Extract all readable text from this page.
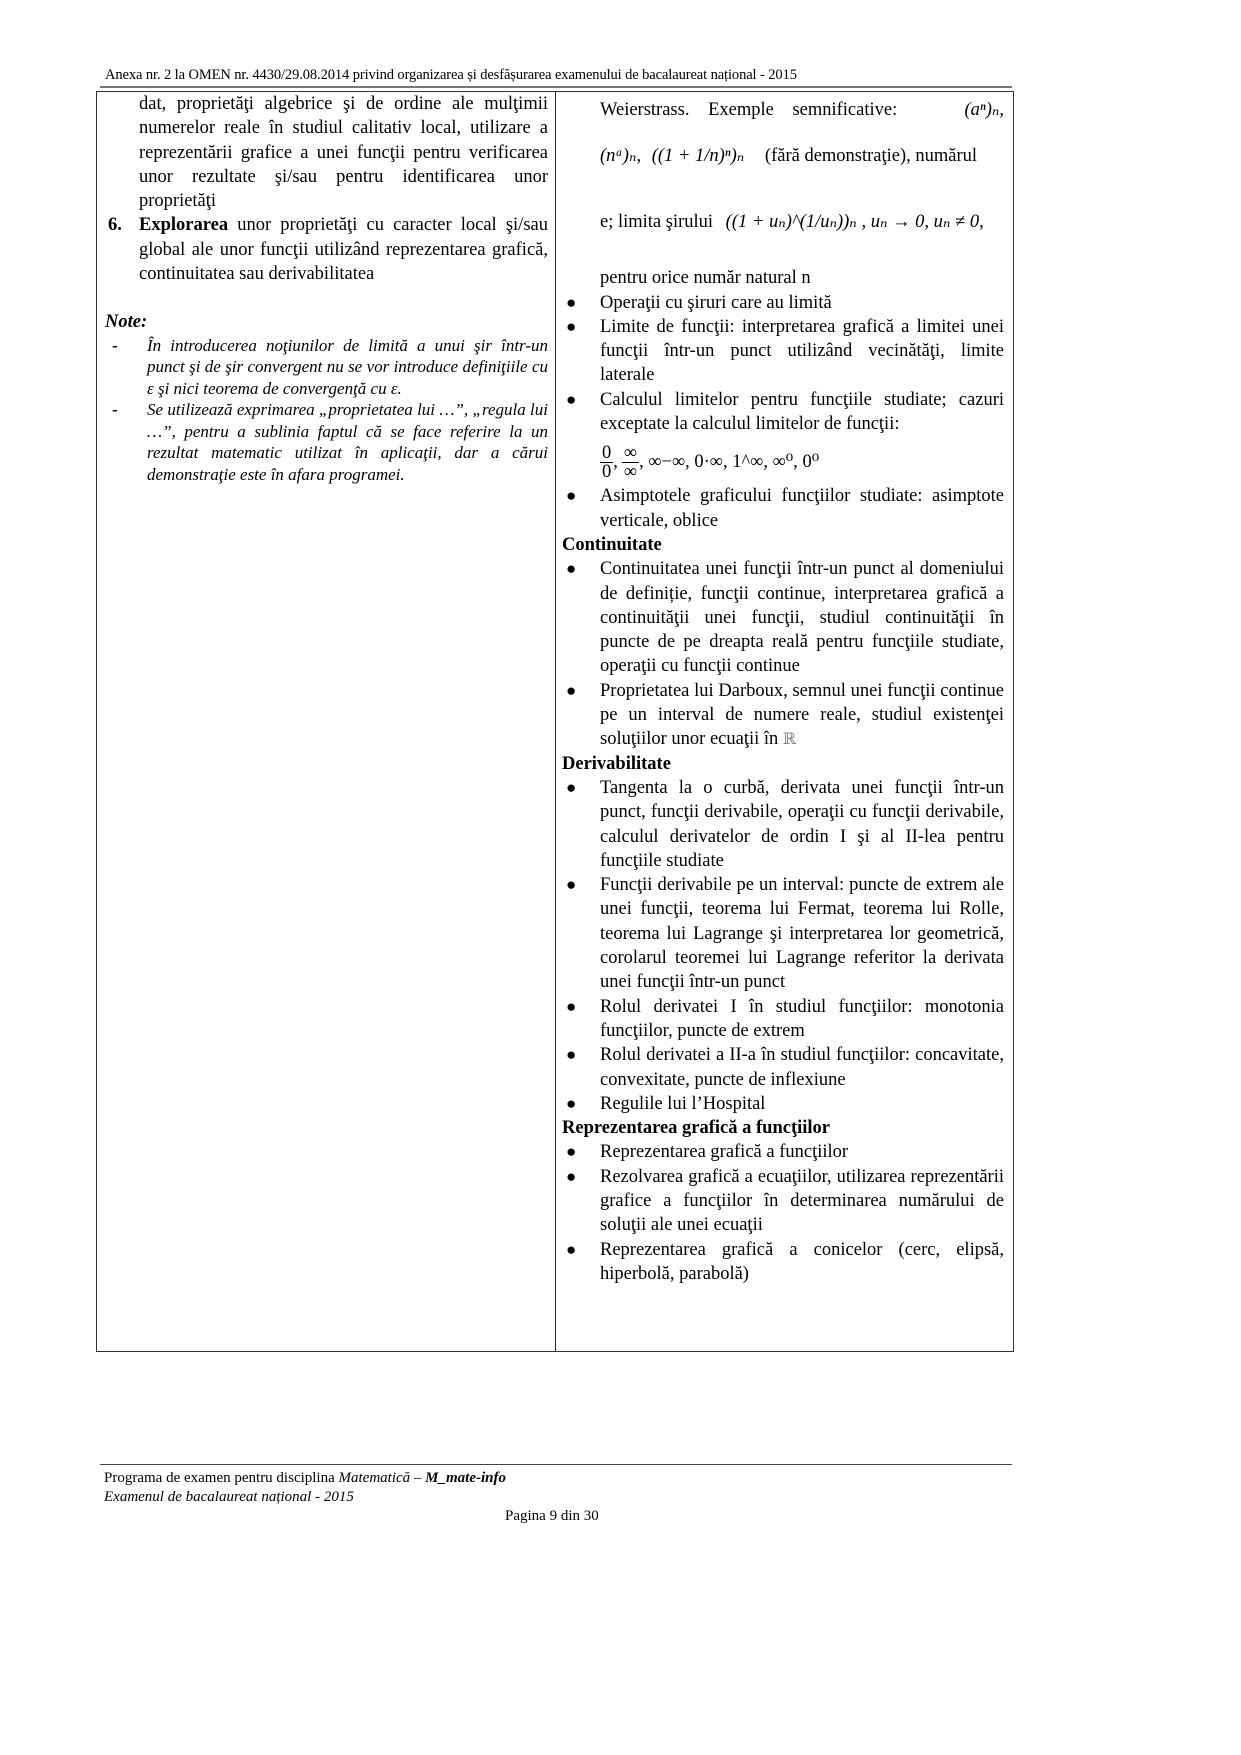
Anexa nr. 2 la OMEN nr. 4430/29.08.2014 privind organizarea și desfășurarea examenului de bacalaureat național - 2015
dat, proprietăţi algebrice şi de ordine ale mulţimii numerelor reale în studiul calitativ local, utilizare a reprezentării grafice a unei funcţii pentru verificarea unor rezultate şi/sau pentru identificarea unor proprietăţi
6. Explorarea unor proprietăţi cu caracter local şi/sau global ale unor funcţii utilizând reprezentarea grafică, continuitatea sau derivabilitatea
Note:
- În introducerea noţiunilor de limită a unui şir într-un punct şi de şir convergent nu se vor introduce definiţiile cu ε şi nici teorema de convergenţă cu ε.
- Se utilizează exprimarea „proprietatea lui …”, „regula lui …”, pentru a sublinia faptul că se face referire la un rezultat matematic utilizat în aplicaţii, dar a cărui demonstraţie este în afara programei.
Weierstrass. Exemple semnificative:	(aⁿ)ₙ,
(nᵃ)ₙ, ((1 + 1/n)ⁿ)ₙ (fără demonstraţie), numărul
e; limita şirului ((1 + uₙ)^(1/uₙ))ₙ , uₙ → 0, uₙ ≠ 0,
pentru orice număr natural n
● Operaţii cu şiruri care au limită
● Limite de funcţii: interpretarea grafică a limitei unei funcţii într-un punct utilizând vecinătăţi, limite laterale
● Calculul limitelor pentru funcţiile studiate; cazuri exceptate la calculul limitelor de funcţii:
$\frac{0}{0}$ , $\frac{\infty}{\infty}$ , ∞−∞, 0·∞, 1^∞, ∞⁰, 0⁰
● Asimptotele graficului funcţiilor studiate: asimptote verticale, oblice
Continuitate
● Continuitatea unei funcţii într-un punct al domeniului de definiție, funcţii continue, interpretarea grafică a continuităţii unei funcţii, studiul continuităţii în puncte de pe dreapta reală pentru funcţiile studiate, operaţii cu funcţii continue
● Proprietatea lui Darboux, semnul unei funcţii continue pe un interval de numere reale, studiul existenţei soluţiilor unor ecuaţii în ℝ
Derivabilitate
● Tangenta la o curbă, derivata unei funcţii într-un punct, funcţii derivabile, operaţii cu funcţii derivabile, calculul derivatelor de ordin I şi al II-lea pentru funcţiile studiate
● Funcţii derivabile pe un interval: puncte de extrem ale unei funcţii, teorema lui Fermat, teorema lui Rolle, teorema lui Lagrange şi interpretarea lor geometrică, corolarul teoremei lui Lagrange referitor la derivata unei funcţii într-un punct
● Rolul derivatei I în studiul funcţiilor: monotonia funcţiilor, puncte de extrem
● Rolul derivatei a II-a în studiul funcţiilor: concavitate, convexitate, puncte de inflexiune
● Regulile lui l’Hospital
Reprezentarea grafică a funcţiilor
● Reprezentarea grafică a funcţiilor
● Rezolvarea grafică a ecuaţiilor, utilizarea reprezentării grafice a funcţiilor în determinarea numărului de soluţii ale unei ecuaţii
● Reprezentarea grafică a conicelor (cerc, elipsă, hiperbolă, parabolă)
Programa de examen pentru disciplina Matematică – M_mate-info
Examenul de bacalaureat național - 2015
Pagina 9 din 30
